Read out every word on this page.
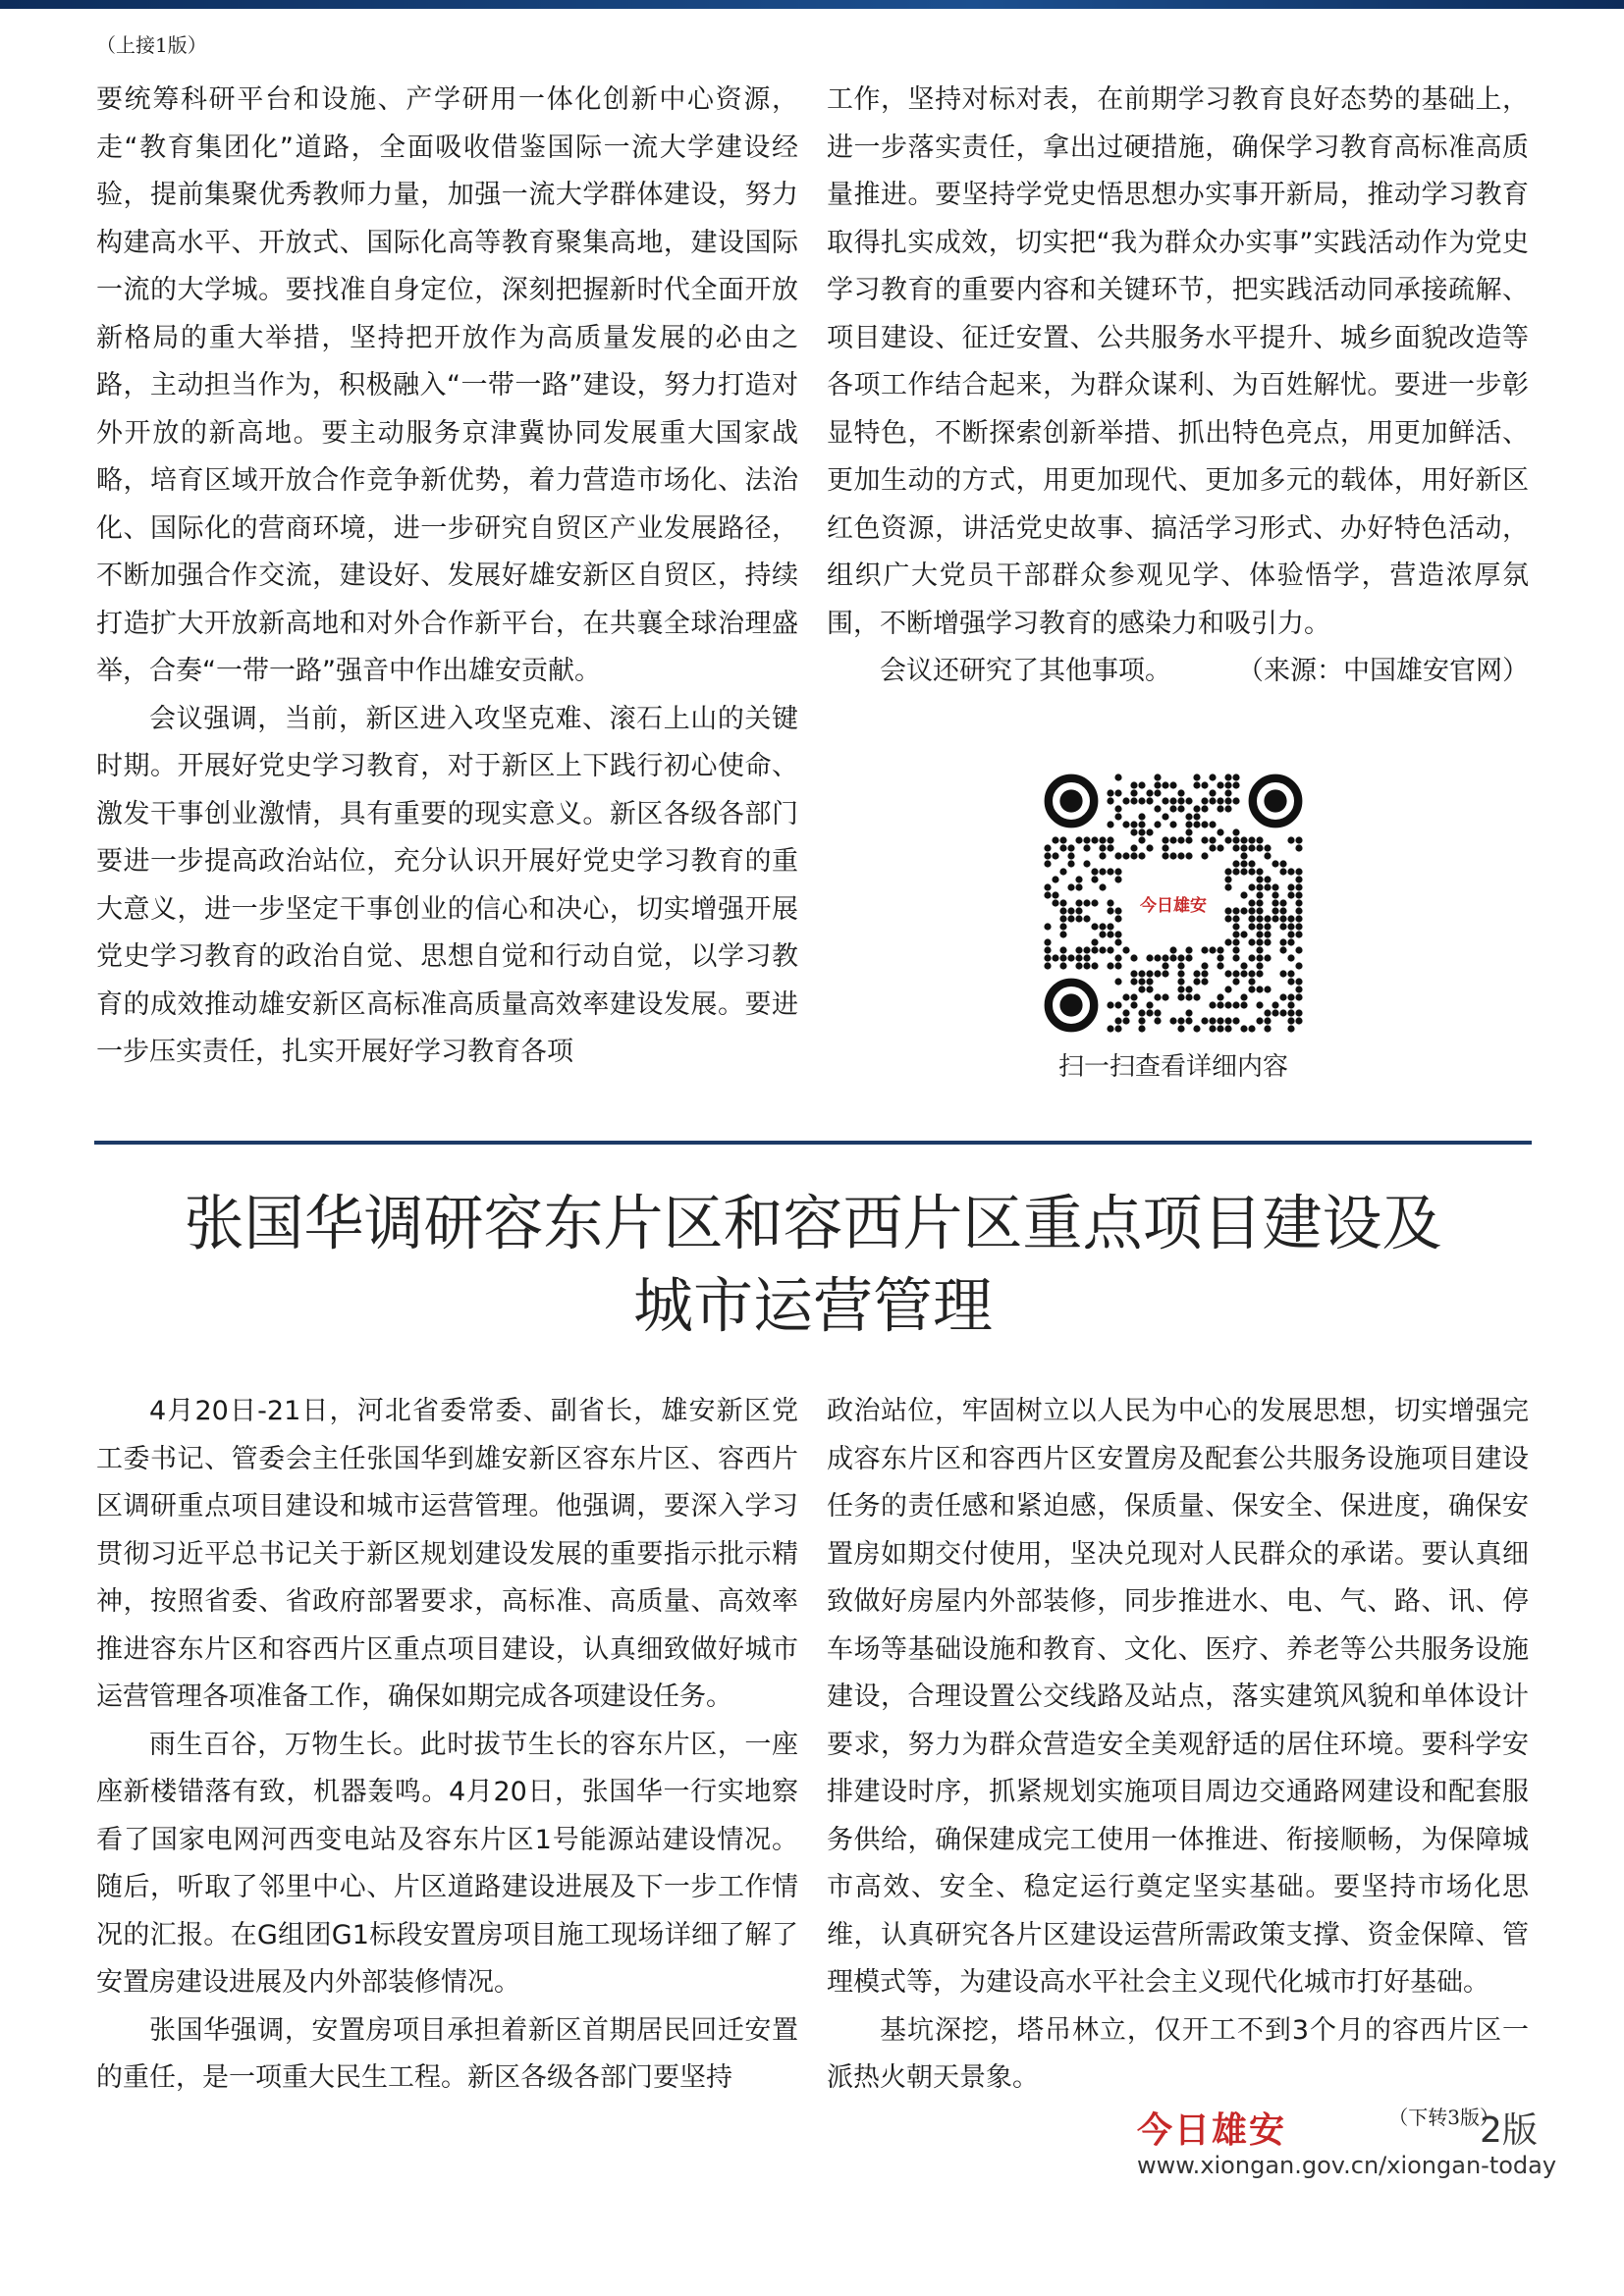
（上接1版）

要统筹科研平台和设施、产学研用一体化创新中心资源，走“教育集团化”道路，全面吸收借鉴国际一流大学建设经验，提前集聚优秀教师力量，加强一流大学群体建设，努力构建高水平、开放式、国际化高等教育聚集高地，建设国际一流的大学城。要找准自身定位，深刻把握新时代全面开放新格局的重大举措，坚持把开放作为高质量发展的必由之路，主动担当作为，积极融入“一带一路”建设，努力打造对外开放的新高地。要主动服务京津冀协同发展重大国家战略，培育区域开放合作竞争新优势，着力营造市场化、法治化、国际化的营商环境，进一步研究自贸区产业发展路径，不断加强合作交流，建设好、发展好雄安新区自贸区，持续打造扩大开放新高地和对外合作新平台，在共襄全球治理盛举，合奏“一带一路”强音中作出雄安贡献。

会议强调，当前，新区进入攻坚克难、滚石上山的关键时期。开展好党史学习教育，对于新区上下践行初心使命、激发干事创业激情，具有重要的现实意义。新区各级各部门要进一步提高政治站位，充分认识开展好党史学习教育的重大意义，进一步坚定干事创业的信心和决心，切实增强开展党史学习教育的政治自觉、思想自觉和行动自觉，以学习教育的成效推动雄安新区高标准高质量高效率建设发展。要进一步压实责任，扎实开展好学习教育各项

工作，坚持对标对表，在前期学习教育良好态势的基础上，进一步落实责任，拿出过硬措施，确保学习教育高标准高质量推进。要坚持学党史悟思想办实事开新局，推动学习教育取得扎实成效，切实把“我为群众办实事”实践活动作为党史学习教育的重要内容和关键环节，把实践活动同承接疏解、项目建设、征迁安置、公共服务水平提升、城乡面貌改造等各项工作结合起来，为群众谋利、为百姓解忧。要进一步彰显特色，不断探索创新举措、抓出特色亮点，用更加鲜活、更加生动的方式，用更加现代、更加多元的载体，用好新区红色资源，讲活党史故事、搞活学习形式、办好特色活动，组织广大党员干部群众参观见学、体验悟学，营造浓厚氛围，不断增强学习教育的感染力和吸引力。

会议还研究了其他事项。	（来源：中国雄安官网）

今日雄安
扫一扫查看详细内容
张国华调研容东片区和容西片区重点项目建设及
城市运营管理

4月20日-21日，河北省委常委、副省长，雄安新区党工委书记、管委会主任张国华到雄安新区容东片区、容西片区调研重点项目建设和城市运营管理。他强调，要深入学习贯彻习近平总书记关于新区规划建设发展的重要指示批示精神，按照省委、省政府部署要求，高标准、高质量、高效率推进容东片区和容西片区重点项目建设，认真细致做好城市运营管理各项准备工作，确保如期完成各项建设任务。

雨生百谷，万物生长。此时拔节生长的容东片区，一座座新楼错落有致，机器轰鸣。4月20日，张国华一行实地察看了国家电网河西变电站及容东片区1号能源站建设情况。随后，听取了邻里中心、片区道路建设进展及下一步工作情况的汇报。在G组团G1标段安置房项目施工现场详细了解了安置房建设进展及内外部装修情况。

张国华强调，安置房项目承担着新区首期居民回迁安置的重任，是一项重大民生工程。新区各级各部门要坚持

政治站位，牢固树立以人民为中心的发展思想，切实增强完成容东片区和容西片区安置房及配套公共服务设施项目建设任务的责任感和紧迫感，保质量、保安全、保进度，确保安置房如期交付使用，坚决兑现对人民群众的承诺。要认真细致做好房屋内外部装修，同步推进水、电、气、路、讯、停车场等基础设施和教育、文化、医疗、养老等公共服务设施建设，合理设置公交线路及站点，落实建筑风貌和单体设计要求，努力为群众营造安全美观舒适的居住环境。要科学安排建设时序，抓紧规划实施项目周边交通路网建设和配套服务供给，确保建成完工使用一体推进、衔接顺畅，为保障城市高效、安全、稳定运行奠定坚实基础。要坚持市场化思维，认真研究各片区建设运营所需政策支撑、资金保障、管理模式等，为建设高水平社会主义现代化城市打好基础。

基坑深挖，塔吊林立，仅开工不到3个月的容西片区一派热火朝天景象。

（下转3版）
今日雄安	2版
www.xiongan.gov.cn/xiongan-today
